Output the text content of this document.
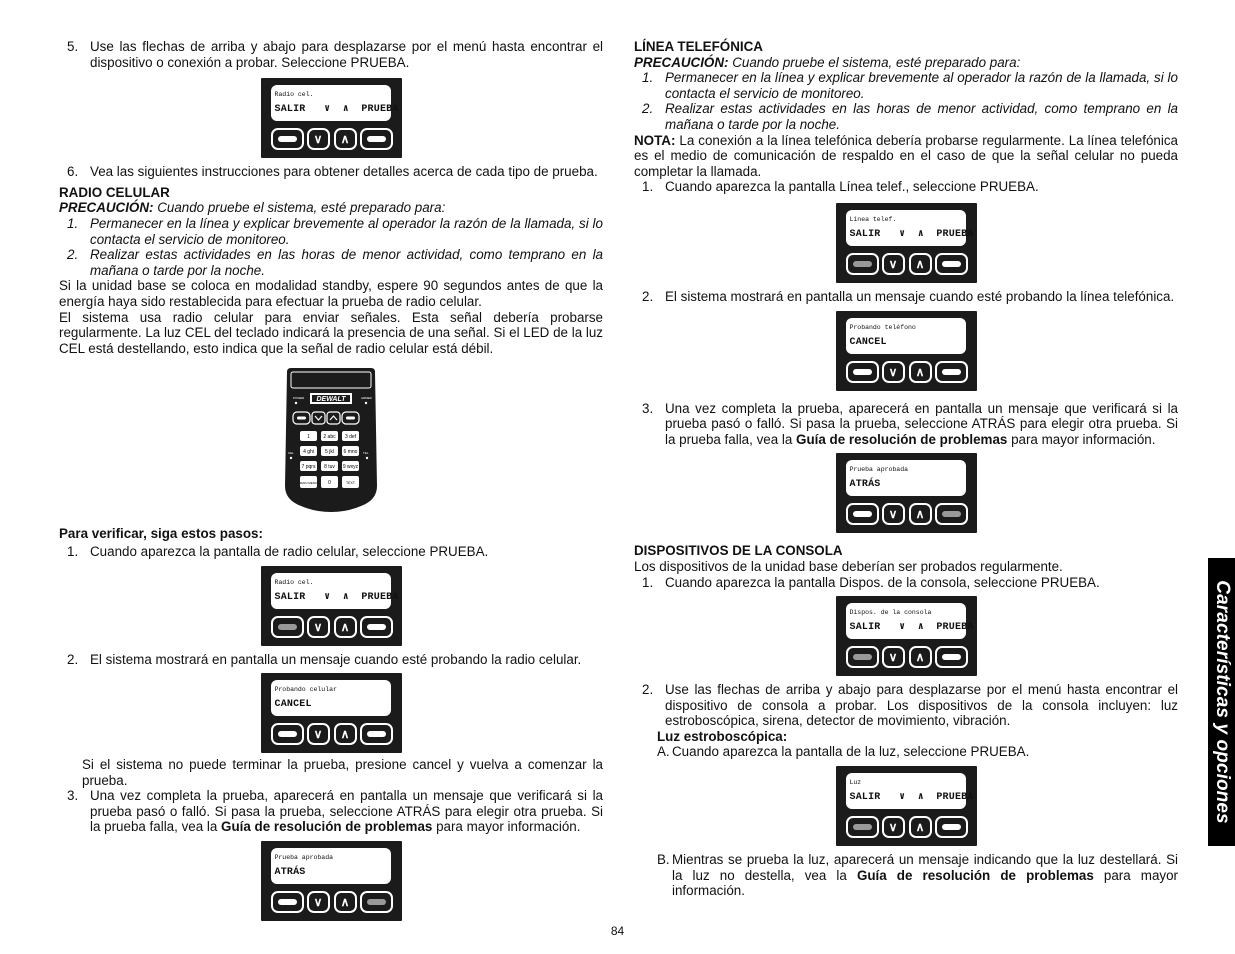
5. Use las flechas de arriba y abajo para desplazarse por el menú hasta encontrar el dispositivo o conexión a probar. Seleccione PRUEBA.
Radio cel.
SALIR   ∨  ∧  PRUEBA
∨	∧
6. Vea las siguientes instrucciones para obtener detalles acerca de cada tipo de prueba.

RADIO CELULAR

PRECAUCIÓN: Cuando pruebe el sistema, esté preparado para:

1. Permanecer en la línea y explicar brevemente al operador la razón de la llamada, si lo contacta el servicio de monitoreo.
2. Realizar estas actividades en las horas de menor actividad, como temprano en la mañana o tarde por la noche.

Si la unidad base se coloca en modalidad standby, espere 90 segundos antes de que la energía haya sido restablecida para efectuar la prueba de radio celular.

El sistema usa radio celular para enviar señales. Esta señal debería probarse regularmente. La luz CEL del teclado indicará la presencia de una señal. Si el LED de la luz CEL está destellando, esto indica que la señal de radio celular está débil.

DEWALT
POWER	ARMED
1	2 abc 3 def
4 ghi 5 jkl 6 mno
7 pqrs 8 tuv 9 wxyz
MAIN MENU 0	TEXT
CEL	TEL

Para verificar, siga estos pasos:

1. Cuando aparezca la pantalla de radio celular, seleccione PRUEBA.
Radio cel.
SALIR   ∨  ∧  PRUEBA
∨	∧
2. El sistema mostrará en pantalla un mensaje cuando esté probando la radio celular.
Probando celular
CANCEL
∨	∧

Si el sistema no puede terminar la prueba, presione cancel y vuelva a comenzar la prueba.

3. Una vez completa la prueba, aparecerá en pantalla un mensaje que verificará si la prueba pasó o falló. Si pasa la prueba, seleccione ATRÁS para elegir otra prueba. Si la prueba falla, vea la Guía de resolución de problemas para mayor información.
Prueba aprobada
ATRÁS
∨	∧

LÍNEA TELEFÓNICA

PRECAUCIÓN: Cuando pruebe el sistema, esté preparado para:

1. Permanecer en la línea y explicar brevemente al operador la razón de la llamada, si lo contacta el servicio de monitoreo.
2. Realizar estas actividades en las horas de menor actividad, como temprano en la mañana o tarde por la noche.

NOTA: La conexión a la línea telefónica debería probarse regularmente. La línea telefónica es el medio de comunicación de respaldo en el caso de que la señal celular no pueda completar la llamada.

1. Cuando aparezca la pantalla Línea telef., seleccione PRUEBA.
Línea telef.
SALIR   ∨  ∧  PRUEBA
∨	∧
2. El sistema mostrará en pantalla un mensaje cuando esté probando la línea telefónica.
Probando teléfono
CANCEL
∨	∧
3. Una vez completa la prueba, aparecerá en pantalla un mensaje que verificará si la prueba pasó o falló. Si pasa la prueba, seleccione ATRÁS para elegir otra prueba. Si la prueba falla, vea la Guía de resolución de problemas para mayor información.
Prueba aprobada
ATRÁS
∨	∧

DISPOSITIVOS DE LA CONSOLA

Los dispositivos de la unidad base deberían ser probados regularmente.

1. Cuando aparezca la pantalla Dispos. de la consola, seleccione PRUEBA.
Dispos. de la consola
SALIR   ∨  ∧  PRUEBA
∨	∧
2. Use las flechas de arriba y abajo para desplazarse por el menú hasta encontrar el dispositivo de consola a probar. Los dispositivos de la consola incluyen: luz estroboscópica, sirena, detector de movimiento, vibración.

Luz estroboscópica:

A. Cuando aparezca la pantalla de la luz, seleccione PRUEBA.
Luz
SALIR   ∨  ∧  PRUEBA
∨	∧
B. Mientras se prueba la luz, aparecerá un mensaje indicando que la luz destellará. Si la luz no destella, vea la Guía de resolución de problemas para mayor información.
Características y opciones
84
